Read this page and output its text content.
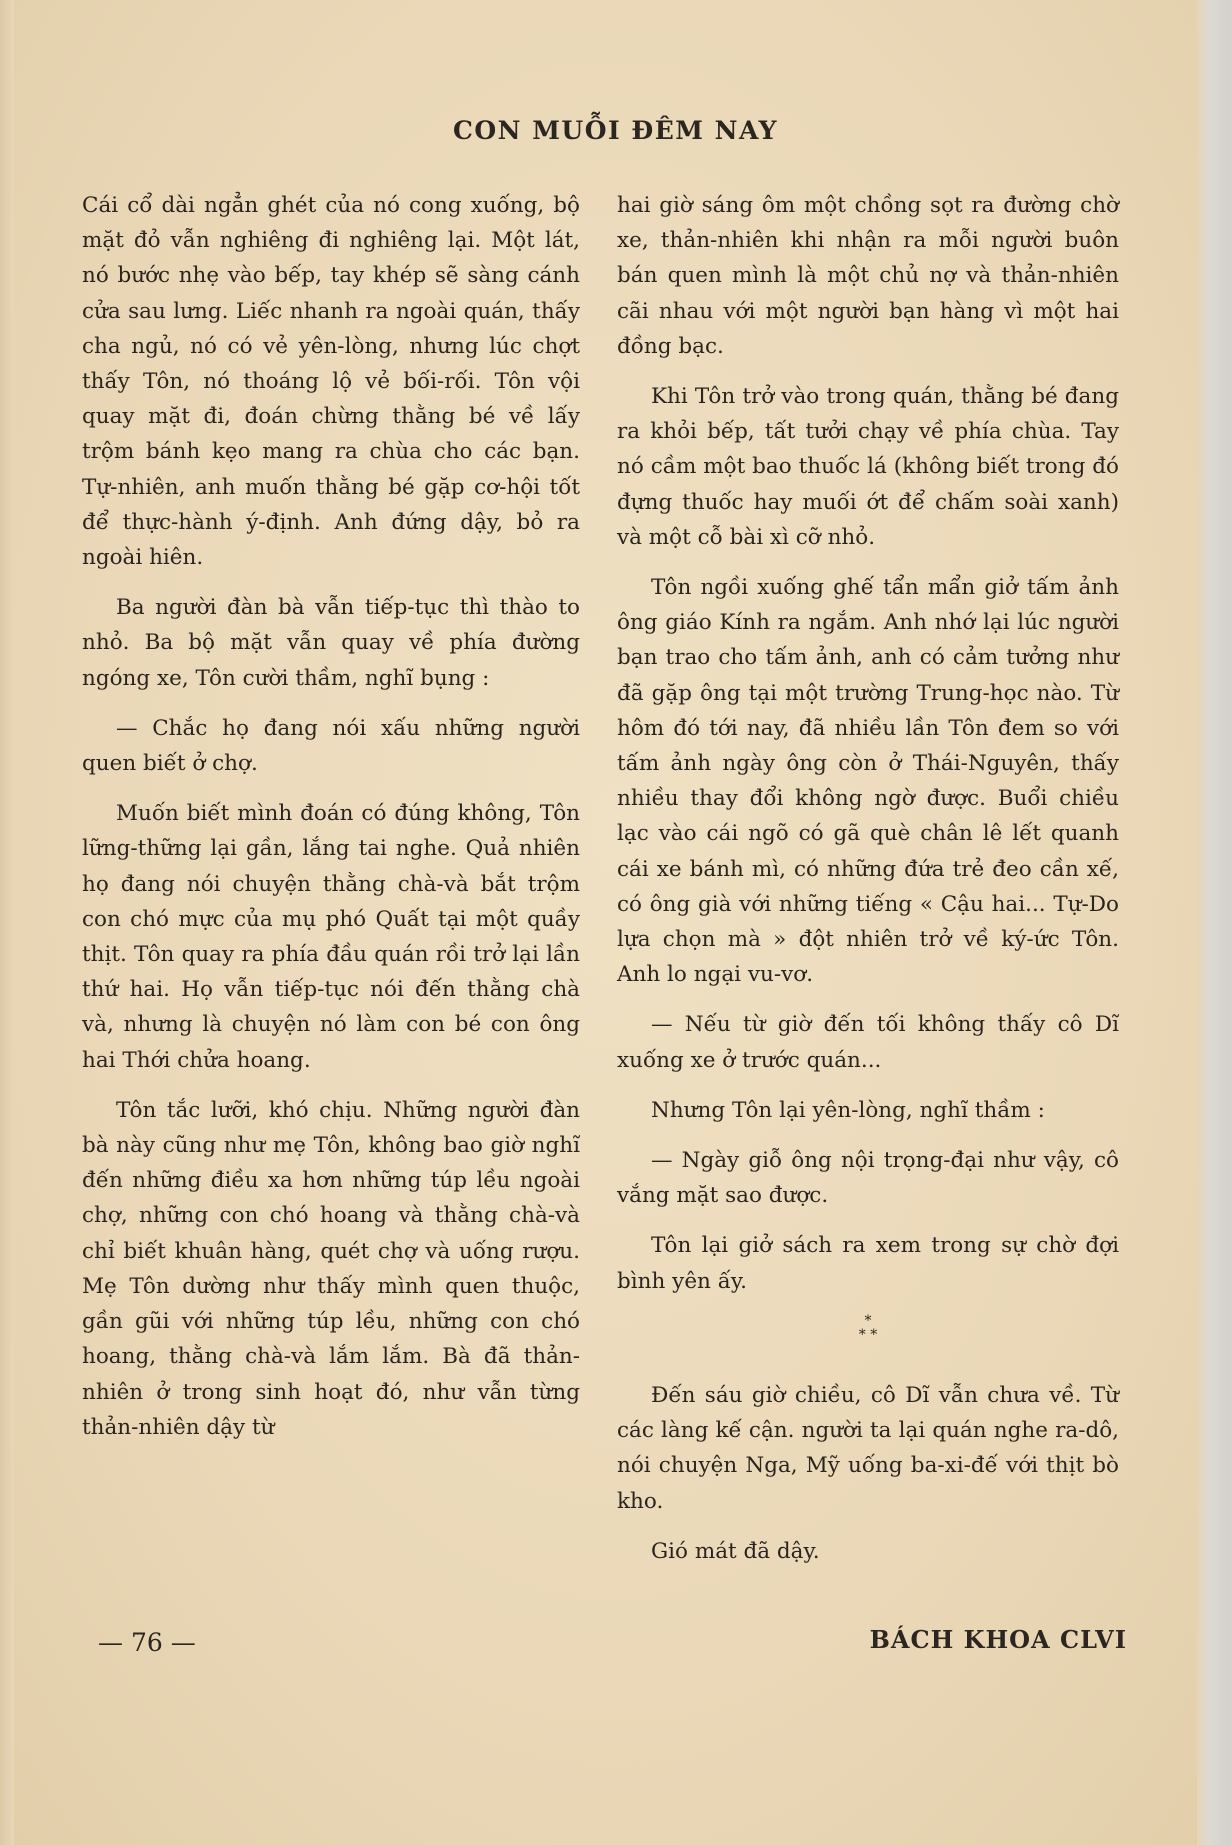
CON MUỖI ĐÊM NAY

Cái cổ dài ngẳn ghét của nó cong xuống, bộ mặt đỏ vẫn nghiêng đi nghiêng lại. Một lát, nó bước nhẹ vào bếp, tay khép sẽ sàng cánh cửa sau lưng. Liếc nhanh ra ngoài quán, thấy cha ngủ, nó có vẻ yên-lòng, nhưng lúc chợt thấy Tôn, nó thoáng lộ vẻ bối-rối. Tôn vội quay mặt đi, đoán chừng thằng bé về lấy trộm bánh kẹo mang ra chùa cho các bạn. Tự-nhiên, anh muốn thằng bé gặp cơ-hội tốt để thực-hành ý-định. Anh đứng dậy, bỏ ra ngoài hiên.

Ba người đàn bà vẫn tiếp-tục thì thào to nhỏ. Ba bộ mặt vẫn quay về phía đường ngóng xe, Tôn cười thầm, nghĩ bụng :

— Chắc họ đang nói xấu những người quen biết ở chợ.

Muốn biết mình đoán có đúng không, Tôn lững-thững lại gần, lắng tai nghe. Quả nhiên họ đang nói chuyện thằng chà-và bắt trộm con chó mực của mụ phó Quất tại một quầy thịt. Tôn quay ra phía đầu quán rồi trở lại lần thứ hai. Họ vẫn tiếp-tục nói đến thằng chà và, nhưng là chuyện nó làm con bé con ông hai Thới chửa hoang.

Tôn tắc lưỡi, khó chịu. Những người đàn bà này cũng như mẹ Tôn, không bao giờ nghĩ đến những điều xa hơn những túp lều ngoài chợ, những con chó hoang và thằng chà-và chỉ biết khuân hàng, quét chợ và uống rượu. Mẹ Tôn dường như thấy mình quen thuộc, gần gũi với những túp lều, những con chó hoang, thằng chà-và lắm lắm. Bà đã thản-nhiên ở trong sinh hoạt đó, như vẫn từng thản-nhiên dậy từ

hai giờ sáng ôm một chồng sọt ra đường chờ xe, thản-nhiên khi nhận ra mỗi người buôn bán quen mình là một chủ nợ và thản-nhiên cãi nhau với một người bạn hàng vì một hai đồng bạc.

Khi Tôn trở vào trong quán, thằng bé đang ra khỏi bếp, tất tưởi chạy về phía chùa. Tay nó cầm một bao thuốc lá (không biết trong đó đựng thuốc hay muối ớt để chấm soài xanh) và một cỗ bài xì cỡ nhỏ.

Tôn ngồi xuống ghế tẩn mẩn giở tấm ảnh ông giáo Kính ra ngắm. Anh nhớ lại lúc người bạn trao cho tấm ảnh, anh có cảm tưởng như đã gặp ông tại một trường Trung-học nào. Từ hôm đó tới nay, đã nhiều lần Tôn đem so với tấm ảnh ngày ông còn ở Thái-Nguyên, thấy nhiều thay đổi không ngờ được. Buổi chiều lạc vào cái ngõ có gã què chân lê lết quanh cái xe bánh mì, có những đứa trẻ đeo cần xế, có ông già với những tiếng « Cậu hai... Tự-Do lựa chọn mà » đột nhiên trở về ký-ức Tôn. Anh lo ngại vu-vơ.

— Nếu từ giờ đến tối không thấy cô Dĩ xuống xe ở trước quán...

Nhưng Tôn lại yên-lòng, nghĩ thầm :

— Ngày giỗ ông nội trọng-đại như vậy, cô vắng mặt sao được.

Tôn lại giở sách ra xem trong sự chờ đợi bình yên ấy.

*
* *

Đến sáu giờ chiều, cô Dĩ vẫn chưa về. Từ các làng kế cận. người ta lại quán nghe ra-dô, nói chuyện Nga, Mỹ uống ba-xi-đế với thịt bò kho.

Gió mát đã dậy.

— 76 —	BÁCH KHOA CLVI
